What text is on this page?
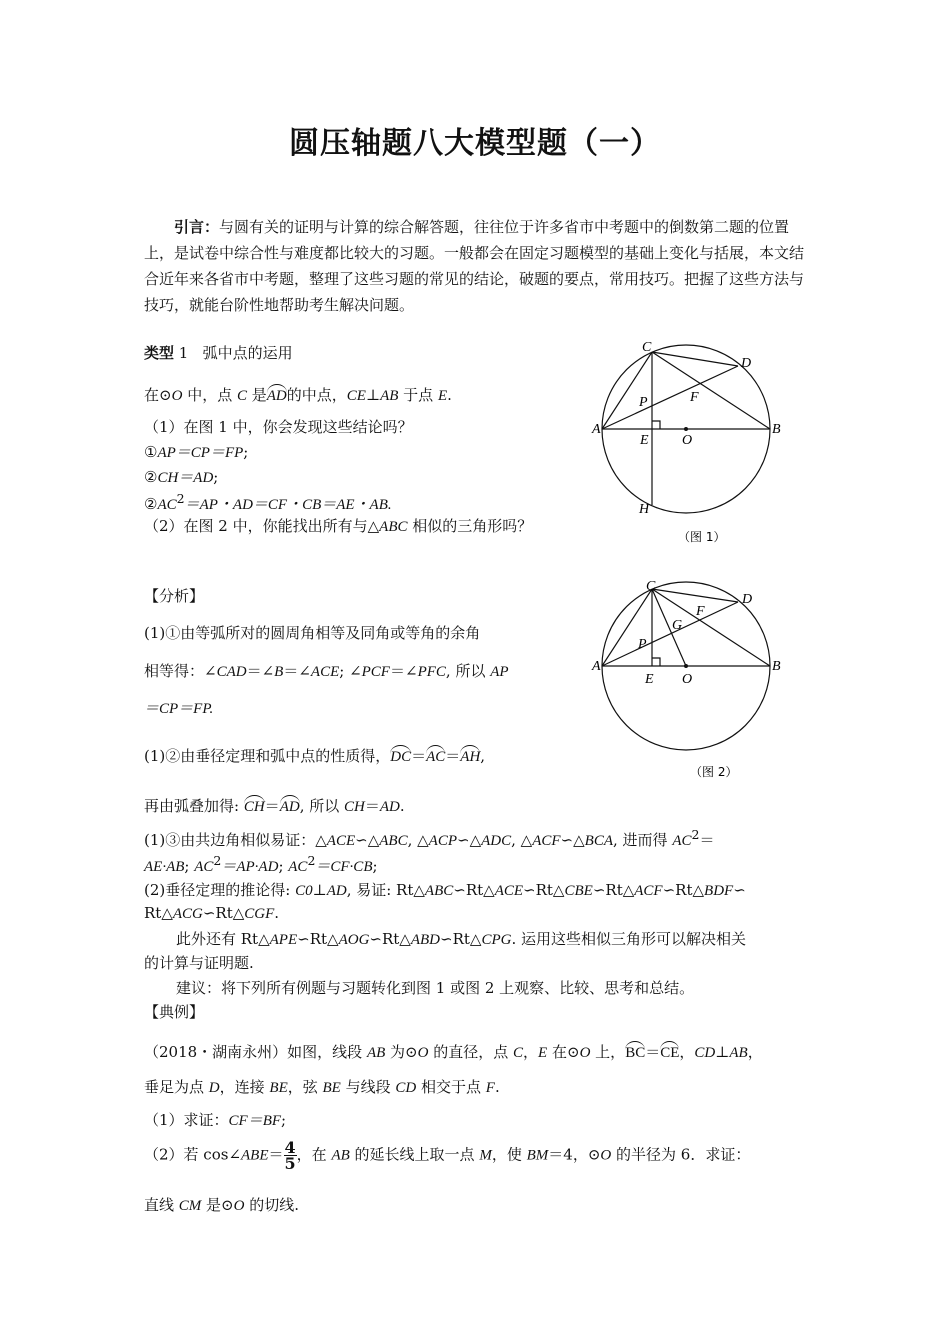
圆压轴题八大模型题（一）
引言：与圆有关的证明与计算的综合解答题，往往位于许多省市中考题中的倒数第二题的位置上，是试卷中综合性与难度都比较大的习题。一般都会在固定习题模型的基础上变化与括展，本文结合近年来各省市中考题，整理了这些习题的常见的结论，破题的要点，常用技巧。把握了这些方法与技巧，就能台阶性地帮助考生解决问题。
类型 1 弧中点的运用
在⊙O 中，点 C 是AD的中点，CE⊥AB 于点 E.
（1）在图 1 中，你会发现这些结论吗？
①AP＝CP＝FP;
②CH＝AD;
$②AC^2=AP$・AD＝CF・CB＝AE・AB.
（2）在图 2 中，你能找出所有与△ABC 相似的三角形吗？
C
D
A	B
P	F
E O
H
（图 1）
C
D
A	B
P
F
G
E O
（图 2）
【分析】
(1)①由等弧所对的圆周角相等及同角或等角的余角
相等得：∠CAD＝∠B＝∠ACE; ∠PCF＝∠PFC, 所以 AP
＝CP＝FP.
(1)②由垂径定理和弧中点的性质得，DC＝AC＝AH,
再由弧叠加得: CH＝AD, 所以 CH＝AD.
(1)③由共边角相似易证：△ACE∽△ABC, △ACP∽△ADC, △ACF∽△BCA, 进而得 $AC^2=$
AE·AB; $AC^2=AP\cdot AD$; $AC^2=CF\cdot CB$;
(2)垂径定理的推论得: C0⊥AD, 易证: Rt△ABC∽Rt△ACE∽Rt△CBE∽Rt△ACF∽Rt△BDF∽
Rt△ACG∽Rt△CGF.
此外还有 Rt△APE∽Rt△AOG∽Rt△ABD∽Rt△CPG. 运用这些相似三角形可以解决相关
的计算与证明题.
建议：将下列所有例题与习题转化到图 1 或图 2 上观察、比较、思考和总结。
【典例】
（2018・湖南永州）如图，线段 AB 为⊙O 的直径，点 C，E 在⊙O 上，BC＝CE，CD⊥AB，
垂足为点 D，连接 BE，弦 BE 与线段 CD 相交于点 F.
（1）求证：CF＝BF;
（2）若 cos∠ABE＝ $\frac{4}{5}$ ，在 AB 的延长线上取一点 M，使 BM＝4，⊙O 的半径为 6．求证：
直线 CM 是⊙O 的切线.
